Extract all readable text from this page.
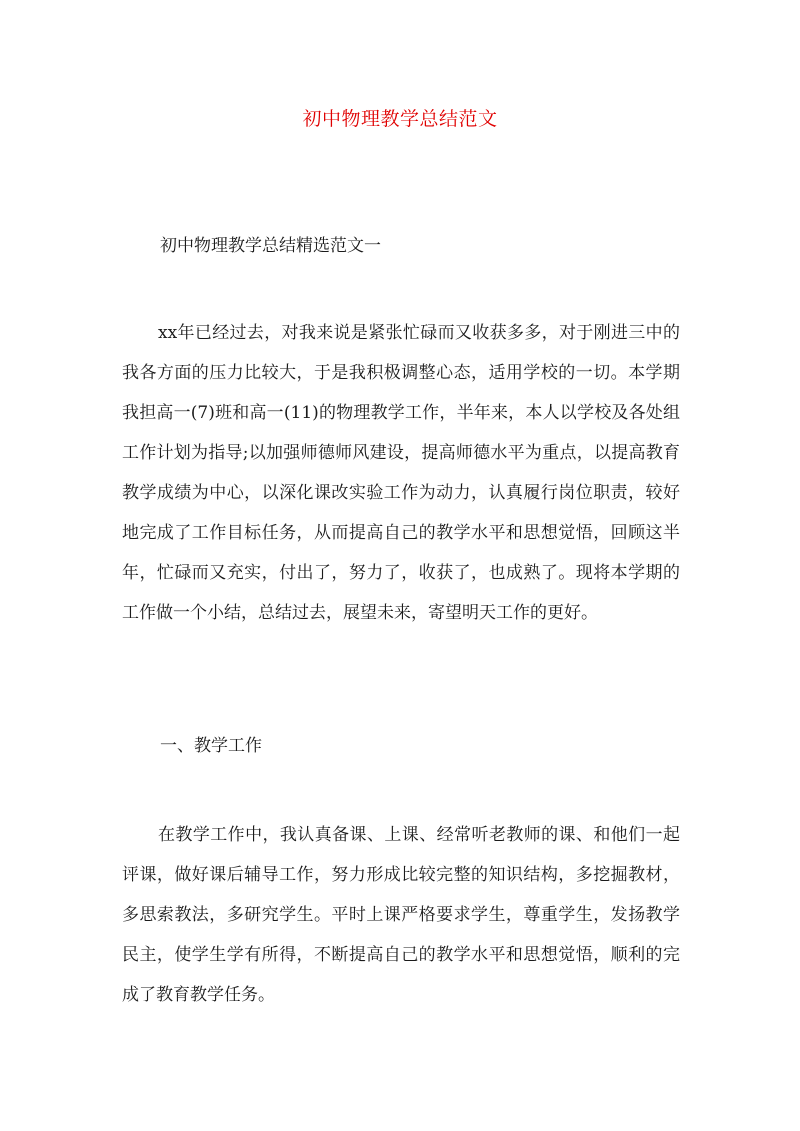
初中物理教学总结范文
初中物理教学总结精选范文一
xx年已经过去，对我来说是紧张忙碌而又收获多多，对于刚进三中的我各方面的压力比较大，于是我积极调整心态，适用学校的一切。本学期我担高一(7)班和高一(11)的物理教学工作，半年来，本人以学校及各处组工作计划为指导;以加强师德师风建设，提高师德水平为重点，以提高教育教学成绩为中心，以深化课改实验工作为动力，认真履行岗位职责，较好地完成了工作目标任务，从而提高自己的教学水平和思想觉悟，回顾这半年，忙碌而又充实，付出了，努力了，收获了，也成熟了。现将本学期的工作做一个小结，总结过去，展望未来，寄望明天工作的更好。
一、教学工作
在教学工作中，我认真备课、上课、经常听老教师的课、和他们一起评课，做好课后辅导工作，努力形成比较完整的知识结构，多挖掘教材，多思索教法，多研究学生。平时上课严格要求学生，尊重学生，发扬教学民主，使学生学有所得，不断提高自己的教学水平和思想觉悟，顺利的完成了教育教学任务。
